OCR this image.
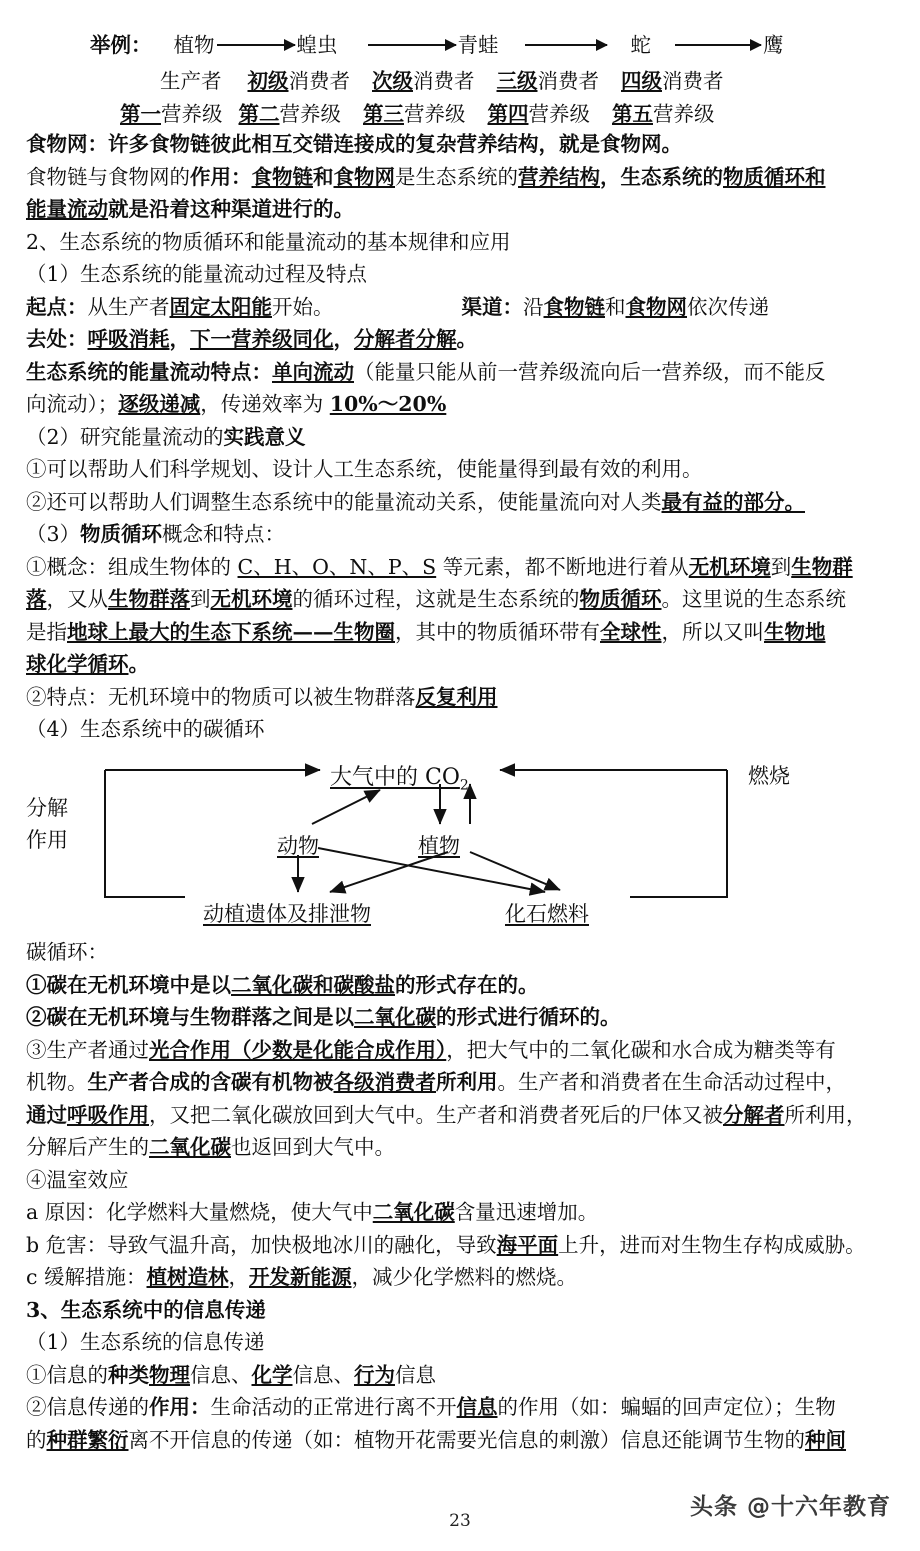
举例： 植物	蝗虫	青蛙	蛇	鹰
生产者 初级消费者 次级消费者 三级消费者 四级消费者
第一营养级 第二营养级 第三营养级 第四营养级 第五营养级
食物网：许多食物链彼此相互交错连接成的复杂营养结构，就是食物网。
食物链与食物网的作用：食物链和食物网是生态系统的营养结构，生态系统的物质循环和
能量流动就是沿着这种渠道进行的。
2、生态系统的物质循环和能量流动的基本规律和应用
（1）生态系统的能量流动过程及特点
起点：从生产者固定太阳能开始。	渠道：沿食物链和食物网依次传递
去处：呼吸消耗，下一营养级同化，分解者分解。
生态系统的能量流动特点：单向流动（能量只能从前一营养级流向后一营养级，而不能反
向流动）；逐级递减，传递效率为 10%～20%
（2）研究能量流动的实践意义
①可以帮助人们科学规划、设计人工生态系统，使能量得到最有效的利用。
②还可以帮助人们调整生态系统中的能量流动关系，使能量流向对人类最有益的部分。
（3）物质循环概念和特点：
①概念：组成生物体的 C、H、O、N、P、S 等元素，都不断地进行着从无机环境到生物群
落，又从生物群落到无机环境的循环过程，这就是生态系统的物质循环。这里说的生态系统
是指地球上最大的生态下系统——生物圈，其中的物质循环带有全球性，所以又叫生物地
球化学循环。
②特点：无机环境中的物质可以被生物群落反复利用
（4）生态系统中的碳循环
大气中的 $CO_2$	燃烧
分解
作用	动物	植物
动植遗体及排泄物	化石燃料
碳循环：
①碳在无机环境中是以二氧化碳和碳酸盐的形式存在的。
②碳在无机环境与生物群落之间是以二氧化碳的形式进行循环的。
③生产者通过光合作用（少数是化能合成作用），把大气中的二氧化碳和水合成为糖类等有
机物。生产者合成的含碳有机物被各级消费者所利用。生产者和消费者在生命活动过程中，
通过呼吸作用，又把二氧化碳放回到大气中。生产者和消费者死后的尸体又被分解者所利用，
分解后产生的二氧化碳也返回到大气中。
④温室效应
a 原因：化学燃料大量燃烧，使大气中二氧化碳含量迅速增加。
b 危害：导致气温升高，加快极地冰川的融化，导致海平面上升，进而对生物生存构成威胁。
c 缓解措施：植树造林，开发新能源，减少化学燃料的燃烧。
3、生态系统中的信息传递
（1）生态系统的信息传递
①信息的种类物理信息、化学信息、行为信息
②信息传递的作用：生命活动的正常进行离不开信息的作用（如：蝙蝠的回声定位）；生物
的种群繁衍离不开信息的传递（如：植物开花需要光信息的刺激）信息还能调节生物的种间
23
头条 @十六年教育
